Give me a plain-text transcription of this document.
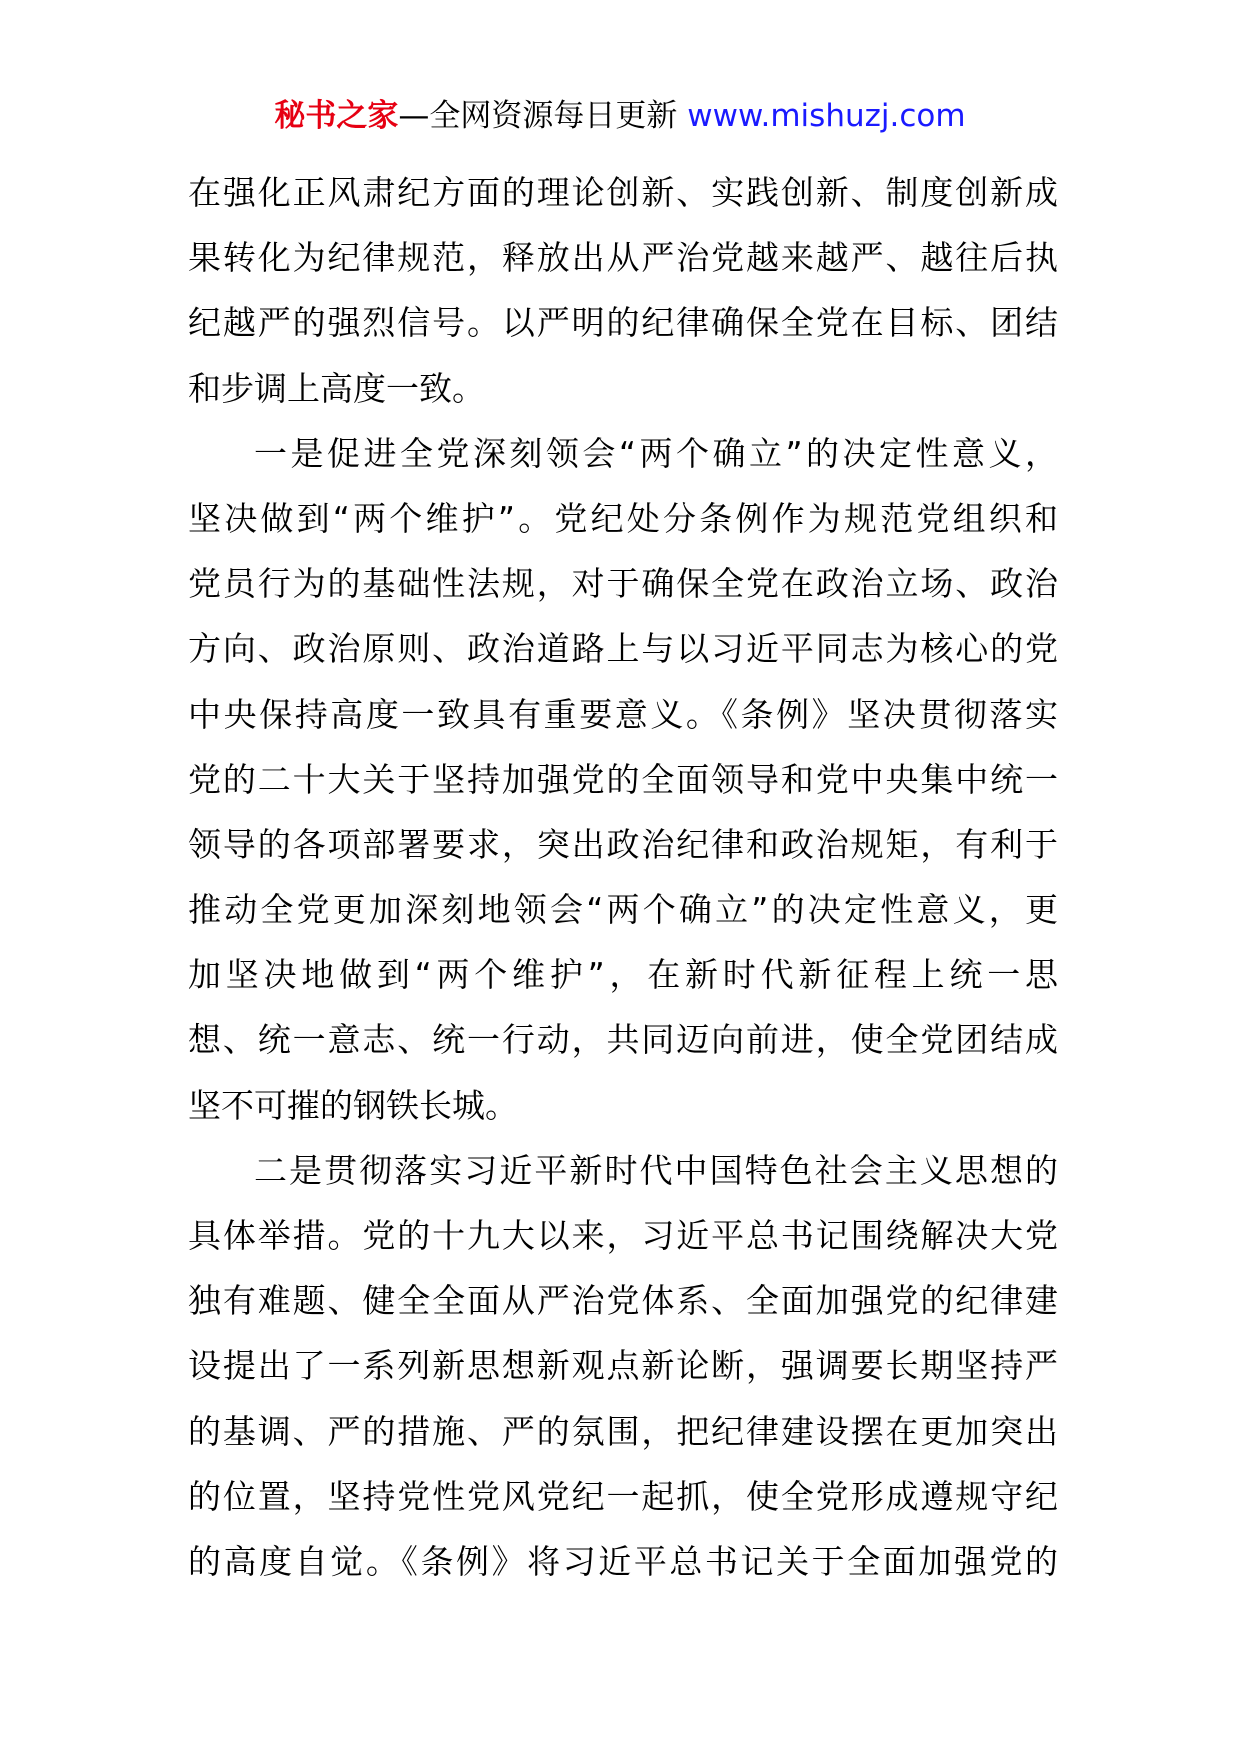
秘书之家—全网资源每日更新 www.mishuzj.com
在强化正风肃纪方面的理论创新、实践创新、制度创新成
果转化为纪律规范，释放出从严治党越来越严、越往后执
纪越严的强烈信号。以严明的纪律确保全党在目标、团结
和步调上高度一致。
一是促进全党深刻领会“两个确立”的决定性意义，
坚决做到“两个维护”。党纪处分条例作为规范党组织和
党员行为的基础性法规，对于确保全党在政治立场、政治
方向、政治原则、政治道路上与以习近平同志为核心的党
中央保持高度一致具有重要意义。《条例》坚决贯彻落实
党的二十大关于坚持加强党的全面领导和党中央集中统一
领导的各项部署要求，突出政治纪律和政治规矩，有利于
推动全党更加深刻地领会“两个确立”的决定性意义，更
加坚决地做到“两个维护”，在新时代新征程上统一思
想、统一意志、统一行动，共同迈向前进，使全党团结成
坚不可摧的钢铁长城。
二是贯彻落实习近平新时代中国特色社会主义思想的
具体举措。党的十九大以来，习近平总书记围绕解决大党
独有难题、健全全面从严治党体系、全面加强党的纪律建
设提出了一系列新思想新观点新论断，强调要长期坚持严
的基调、严的措施、严的氛围，把纪律建设摆在更加突出
的位置，坚持党性党风党纪一起抓，使全党形成遵规守纪
的高度自觉。《条例》将习近平总书记关于全面加强党的
